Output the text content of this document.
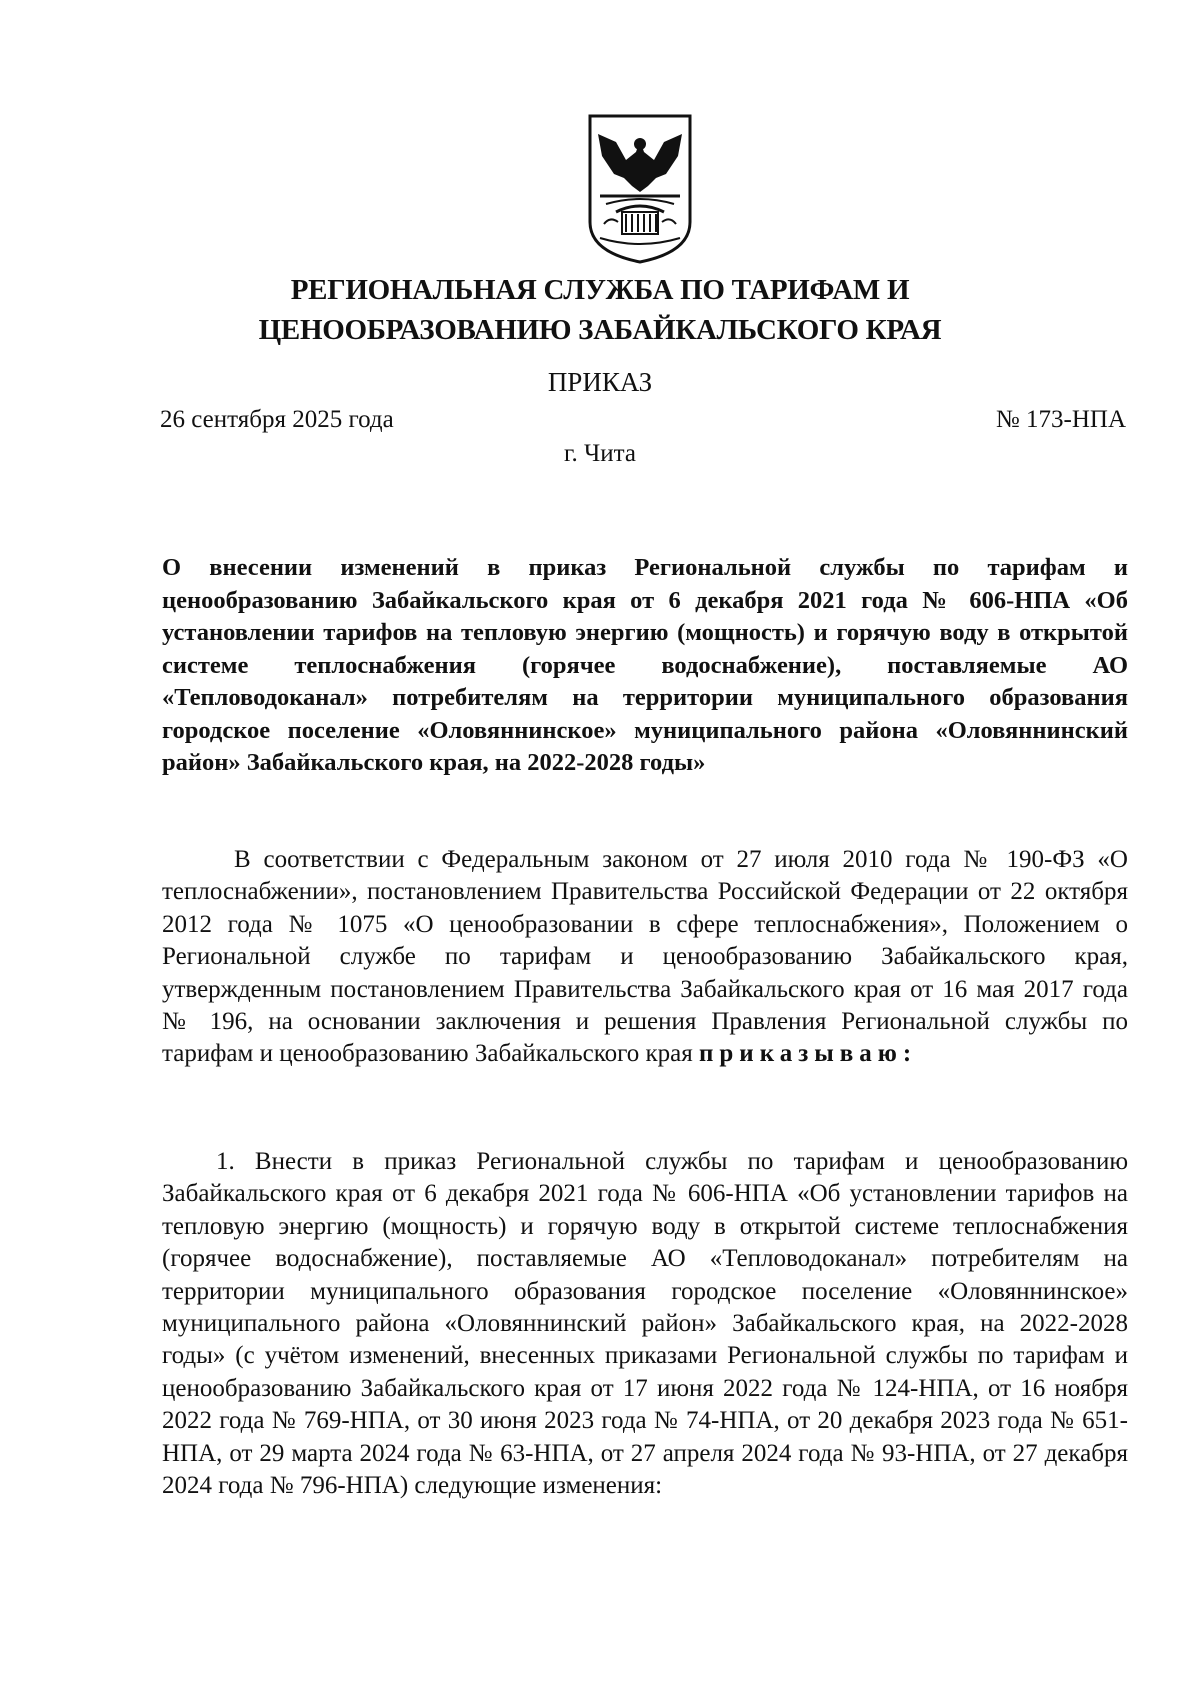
РЕГИОНАЛЬНАЯ СЛУЖБА ПО ТАРИФАМ И
ЦЕНООБРАЗОВАНИЮ ЗАБАЙКАЛЬСКОГО КРАЯ
ПРИКАЗ
26 сентября 2025 года	№ 173-НПА
г. Чита
О внесении изменений в приказ Региональной службы по тарифам и ценообразованию Забайкальского края от 6 декабря 2021 года № 606-НПА «Об установлении тарифов на тепловую энергию (мощность) и горячую воду в открытой системе теплоснабжения (горячее водоснабжение), поставляемые АО «Тепловодоканал» потребителям на территории муниципального образования городское поселение «Оловяннинское» муниципального района «Оловяннинский район» Забайкальского края, на 2022-2028 годы»
В соответствии с Федеральным законом от 27 июля 2010 года № 190-ФЗ «О теплоснабжении», постановлением Правительства Российской Федерации от 22 октября 2012 года № 1075 «О ценообразовании в сфере теплоснабжения», Положением о Региональной службе по тарифам и ценообразованию Забайкальского края, утвержденным постановлением Правительства Забайкальского края от 16 мая 2017 года № 196, на основании заключения и решения Правления Региональной службы по тарифам и ценообразованию Забайкальского края приказываю:
1. Внести в приказ Региональной службы по тарифам и ценообразованию Забайкальского края от 6 декабря 2021 года № 606-НПА «Об установлении тарифов на тепловую энергию (мощность) и горячую воду в открытой системе теплоснабжения (горячее водоснабжение), поставляемые АО «Тепловодоканал» потребителям на территории муниципального образования городское поселение «Оловяннинское» муниципального района «Оловяннинский район» Забайкальского края, на 2022-2028 годы» (с учётом изменений, внесенных приказами Региональной службы по тарифам и ценообразованию Забайкальского края от 17 июня 2022 года № 124-НПА, от 16 ноября 2022 года № 769-НПА, от 30 июня 2023 года № 74-НПА, от 20 декабря 2023 года № 651-НПА, от 29 марта 2024 года № 63-НПА, от 27 апреля 2024 года № 93-НПА, от 27 декабря 2024 года № 796-НПА) следующие изменения:
